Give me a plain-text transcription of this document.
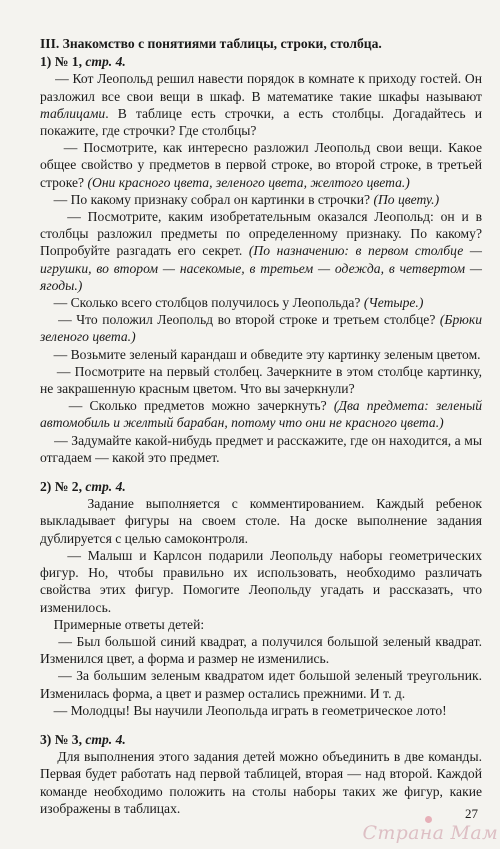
III. Знакомство с понятиями таблицы, строки, столбца.

1) № 1, стр. 4.

— Кот Леопольд решил навести порядок в комнате к приходу гостей. Он разложил все свои вещи в шкаф. В математике такие шкафы называют таблицами. В таблице есть строчки, а есть столбцы. Догадайтесь и покажите, где строчки? Где столбцы?

— Посмотрите, как интересно разложил Леопольд свои вещи. Какое общее свойство у предметов в первой строке, во второй строке, в третьей строке? (Они красного цвета, зеленого цвета, желтого цвета.)

— По какому признаку собрал он картинки в строчки? (По цвету.)

— Посмотрите, каким изобретательным оказался Леопольд: он и в столбцы разложил предметы по определенному признаку. По какому? Попробуйте разгадать его секрет. (По назначению: в первом столбце — игрушки, во втором — насекомые, в третьем — одежда, в четвертом — ягоды.)

— Сколько всего столбцов получилось у Леопольда? (Четыре.)

— Что положил Леопольд во второй строке и третьем столбце? (Брюки зеленого цвета.)

— Возьмите зеленый карандаш и обведите эту картинку зеленым цветом.

— Посмотрите на первый столбец. Зачеркните в этом столбце картинку, не закрашенную красным цветом. Что вы зачеркнули?

— Сколько предметов можно зачеркнуть? (Два предмета: зеленый автомобиль и желтый барабан, потому что они не красного цвета.)

— Задумайте какой-нибудь предмет и расскажите, где он находится, а мы отгадаем — какой это предмет.

2) № 2, стр. 4.

Задание выполняется с комментированием. Каждый ребенок выкладывает фигуры на своем столе. На доске выполнение задания дублируется с целью самоконтроля.

— Малыш и Карлсон подарили Леопольду наборы геометрических фигур. Но, чтобы правильно их использовать, необходимо различать свойства этих фигур. Помогите Леопольду угадать и рассказать, что изменилось.

Примерные ответы детей:

— Был большой синий квадрат, а получился большой зеленый квадрат. Изменился цвет, а форма и размер не изменились.

— За большим зеленым квадратом идет большой зеленый треугольник. Изменилась форма, а цвет и размер остались прежними. И т. д.

— Молодцы! Вы научили Леопольда играть в геометрическое лото!

3) № 3, стр. 4.

Для выполнения этого задания детей можно объединить в две команды. Первая будет работать над первой таблицей, вторая — над второй. Каждой команде необходимо положить на столы наборы таких же фигур, какие изображены в таблицах.	27
Страна Мам
